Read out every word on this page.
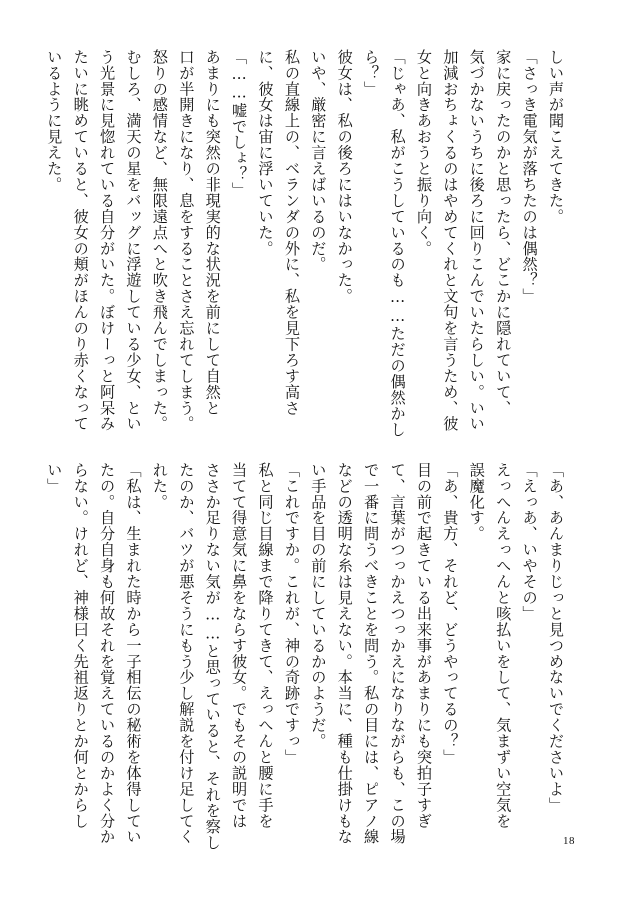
しい声が聞こえてきた。
「さっき電気が落ちたのは偶然？」
家に戻ったのかと思ったら、どこかに隠れていて、
気づかないうちに後ろに回りこんでいたらしい。いい
加減おちょくるのはやめてくれと文句を言うため、彼
女と向きあおうと振り向く。
「じゃあ、私がこうしているのも……ただの偶然かし
ら？」
彼女は、私の後ろにはいなかった。
いや、厳密に言えばいるのだ。
私の直線上の、ベランダの外に、私を見下ろす高さ
に、彼女は宙に浮いていた。
「……嘘でしょ？」
あまりにも突然の非現実的な状況を前にして自然と
口が半開きになり、息をすることさえ忘れてしまう。
怒りの感情など、無限遠点へと吹き飛んでしまった。
むしろ、満天の星をバッグに浮遊している少女、とい
う光景に見惚れている自分がいた。ぼけーっと阿呆み
たいに眺めていると、彼女の頬がほんのり赤くなって
いるように見えた。
「あ、あんまりじっと見つめないでくださいよ」
「えっあ、いやその」
えっへんえっへんと咳払いをして、気まずい空気を
誤魔化す。
「あ、貴方、それど、どうやってるの？」
目の前で起きている出来事があまりにも突拍子すぎ
て、言葉がつっかえつっかえになりながらも、この場
で一番に問うべきことを問う。私の目には、ピアノ線
などの透明な糸は見えない。本当に、種も仕掛けもな
い手品を目の前にしているかのようだ。
「これですか。これが、神の奇跡ですっ」
私と同じ目線まで降りてきて、えっへんと腰に手を
当てて得意気に鼻をならす彼女。でもその説明では
ささか足りない気が……と思っていると、それを察し
たのか、バツが悪そうにもう少し解説を付け足してく
れた。
「私は、生まれた時から一子相伝の秘術を体得してい
たの。自分自身も何故それを覚えているのかよく分か
らない。けれど、神様曰く先祖返りとか何とからし
い」
18
